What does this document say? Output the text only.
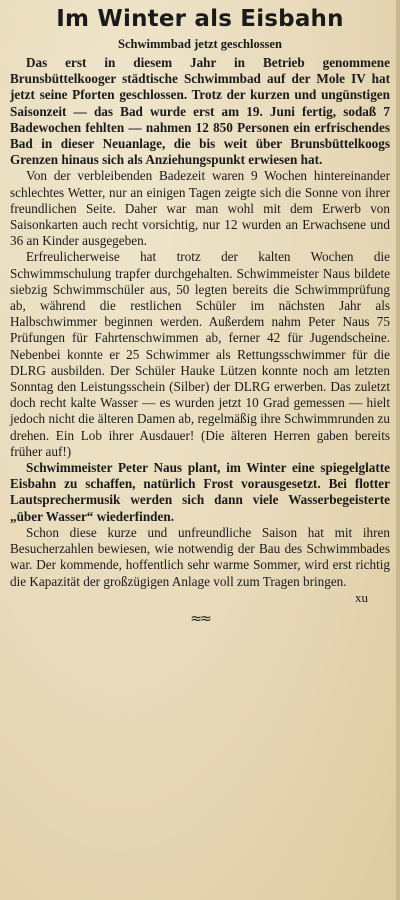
Im Winter als Eisbahn
Schwimmbad jetzt geschlossen

Das erst in diesem Jahr in Betrieb genommene Brunsbüttelkooger städtische Schwimmbad auf der Mole IV hat jetzt seine Pforten geschlossen. Trotz der kurzen und ungünstigen Saisonzeit — das Bad wurde erst am 19. Juni fertig, sodaß 7 Badewochen fehlten — nahmen 12 850 Personen ein erfrischendes Bad in dieser Neuanlage, die bis weit über Brunsbüttelkoogs Grenzen hinaus sich als Anziehungspunkt erwiesen hat.

Von der verbleibenden Badezeit waren 9 Wochen hintereinander schlechtes Wetter, nur an einigen Tagen zeigte sich die Sonne von ihrer freundlichen Seite. Daher war man wohl mit dem Erwerb von Saisonkarten auch recht vorsichtig, nur 12 wurden an Erwachsene und 36 an Kinder ausgegeben.

Erfreulicherweise hat trotz der kalten Wochen die Schwimmschulung trapfer durchgehalten. Schwimmeister Naus bildete siebzig Schwimmschüler aus, 50 legten bereits die Schwimmprüfung ab, während die restlichen Schüler im nächsten Jahr als Halbschwimmer beginnen werden. Außerdem nahm Peter Naus 75 Prüfungen für Fahrtenschwimmen ab, ferner 42 für Jugendscheine. Nebenbei konnte er 25 Schwimmer als Rettungsschwimmer für die DLRG ausbilden. Der Schüler Hauke Lützen konnte noch am letzten Sonntag den Leistungsschein (Silber) der DLRG erwerben. Das zuletzt doch recht kalte Wasser — es wurden jetzt 10 Grad gemessen — hielt jedoch nicht die älteren Damen ab, regelmäßig ihre Schwimmrunden zu drehen. Ein Lob ihrer Ausdauer! (Die älteren Herren gaben bereits früher auf!)

Schwimmeister Peter Naus plant, im Winter eine spiegelglatte Eisbahn zu schaffen, natürlich Frost vorausgesetzt. Bei flotter Lautsprechermusik werden sich dann viele Wasserbegeisterte „über Wasser“ wiederfinden.

Schon diese kurze und unfreundliche Saison hat mit ihren Besucherzahlen bewiesen, wie notwendig der Bau des Schwimmbades war. Der kommende, hoffentlich sehr warme Sommer, wird erst richtig die Kapazität der großzügigen Anlage voll zum Tragen bringen.

xu
≈≈
